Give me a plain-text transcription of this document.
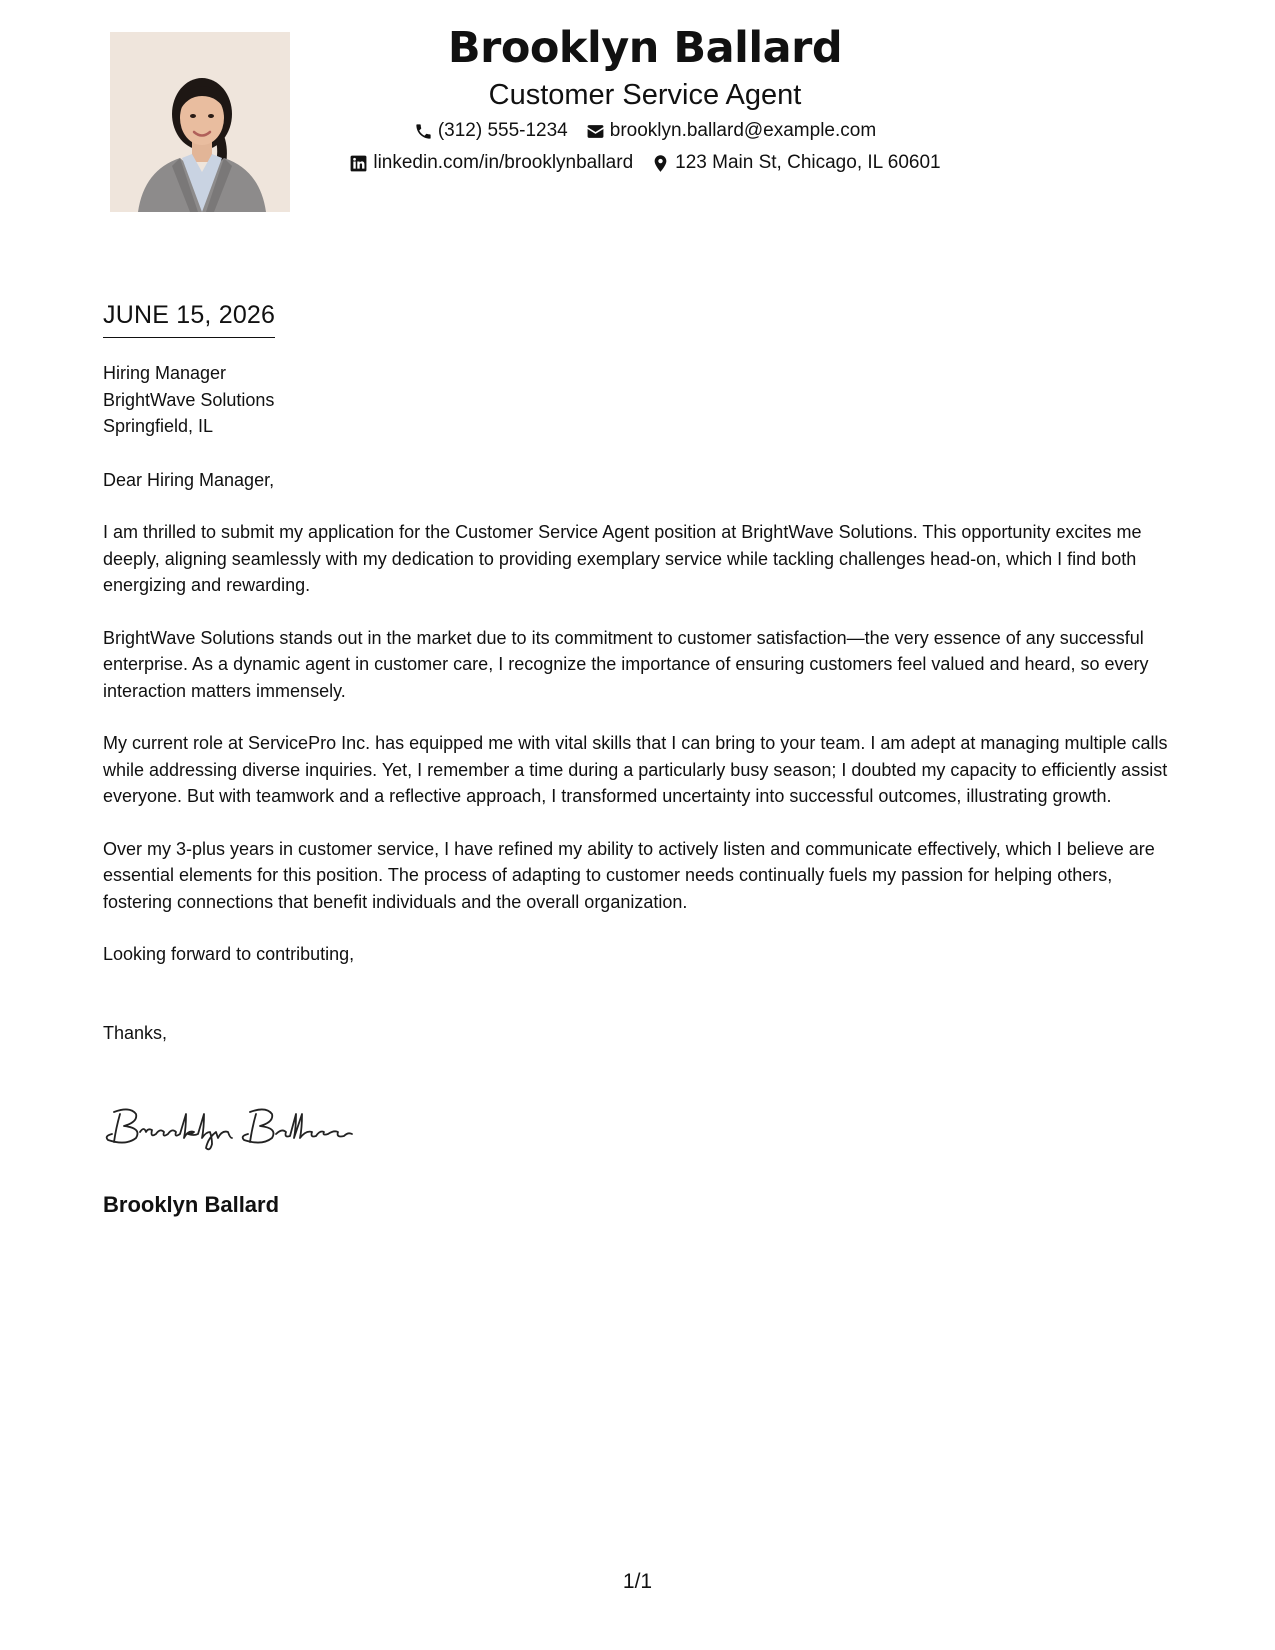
Brooklyn Ballard
Customer Service Agent
(312) 555-1234 brooklyn.ballard@example.com
linkedin.com/in/brooklynballard 123 Main St, Chicago, IL 60601
JUNE 15, 2026
Hiring Manager
BrightWave Solutions
Springfield, IL

Dear Hiring Manager,

I am thrilled to submit my application for the Customer Service Agent position at BrightWave Solutions. This opportunity excites me deeply, aligning seamlessly with my dedication to providing exemplary service while tackling challenges head-on, which I find both energizing and rewarding.

BrightWave Solutions stands out in the market due to its commitment to customer satisfaction—the very essence of any successful enterprise. As a dynamic agent in customer care, I recognize the importance of ensuring customers feel valued and heard, so every interaction matters immensely.

My current role at ServicePro Inc. has equipped me with vital skills that I can bring to your team. I am adept at managing multiple calls while addressing diverse inquiries. Yet, I remember a time during a particularly busy season; I doubted my capacity to efficiently assist everyone. But with teamwork and a reflective approach, I transformed uncertainty into successful outcomes, illustrating growth.

Over my 3-plus years in customer service, I have refined my ability to actively listen and communicate effectively, which I believe are essential elements for this position. The process of adapting to customer needs continually fuels my passion for helping others, fostering connections that benefit individuals and the overall organization.

Looking forward to contributing,

Thanks,

Brooklyn Ballard
1/1
